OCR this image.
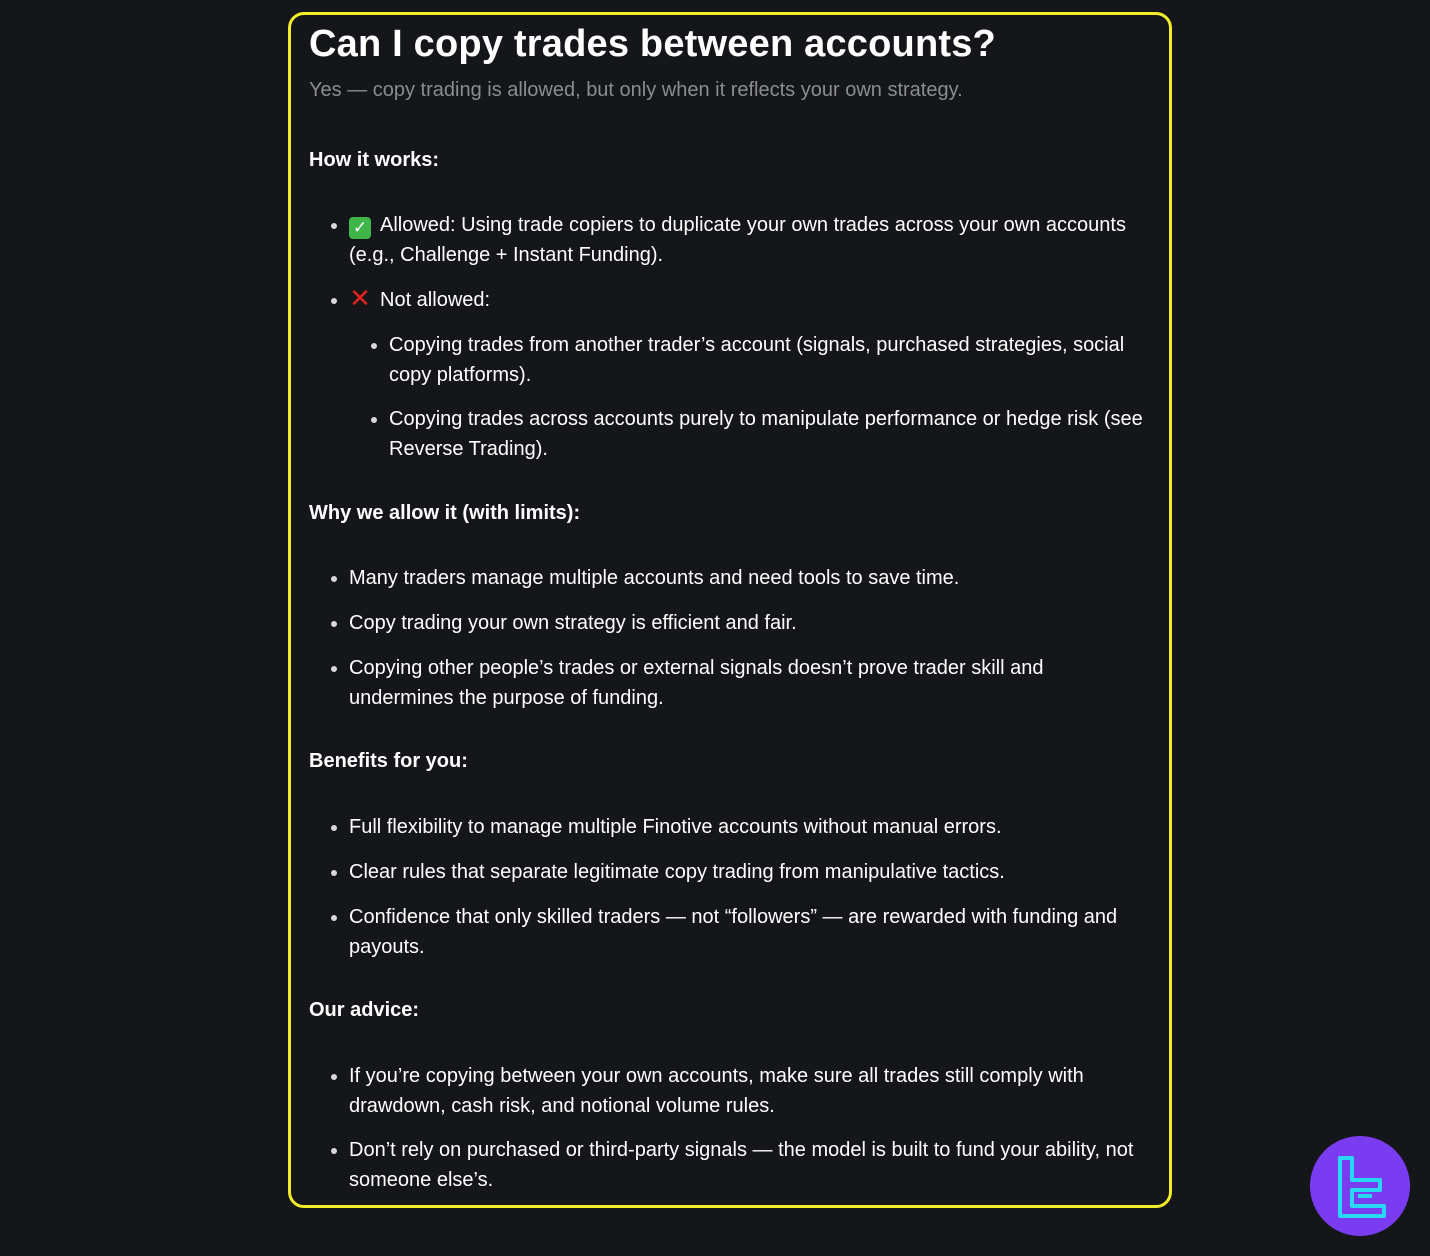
Can I copy trades between accounts?
Yes — copy trading is allowed, but only when it reflects your own strategy.
How it works:
✓ Allowed: Using trade copiers to duplicate your own trades across your own accounts (e.g., Challenge + Instant Funding).
✕ Not allowed:
Copying trades from another trader’s account (signals, purchased strategies, social copy platforms).
Copying trades across accounts purely to manipulate performance or hedge risk (see Reverse Trading).
Why we allow it (with limits):
Many traders manage multiple accounts and need tools to save time.
Copy trading your own strategy is efficient and fair.
Copying other people’s trades or external signals doesn’t prove trader skill and undermines the purpose of funding.
Benefits for you:
Full flexibility to manage multiple Finotive accounts without manual errors.
Clear rules that separate legitimate copy trading from manipulative tactics.
Confidence that only skilled traders — not “followers” — are rewarded with funding and payouts.
Our advice:
If you’re copying between your own accounts, make sure all trades still comply with drawdown, cash risk, and notional volume rules.
Don’t rely on purchased or third-party signals — the model is built to fund your ability, not someone else’s.
